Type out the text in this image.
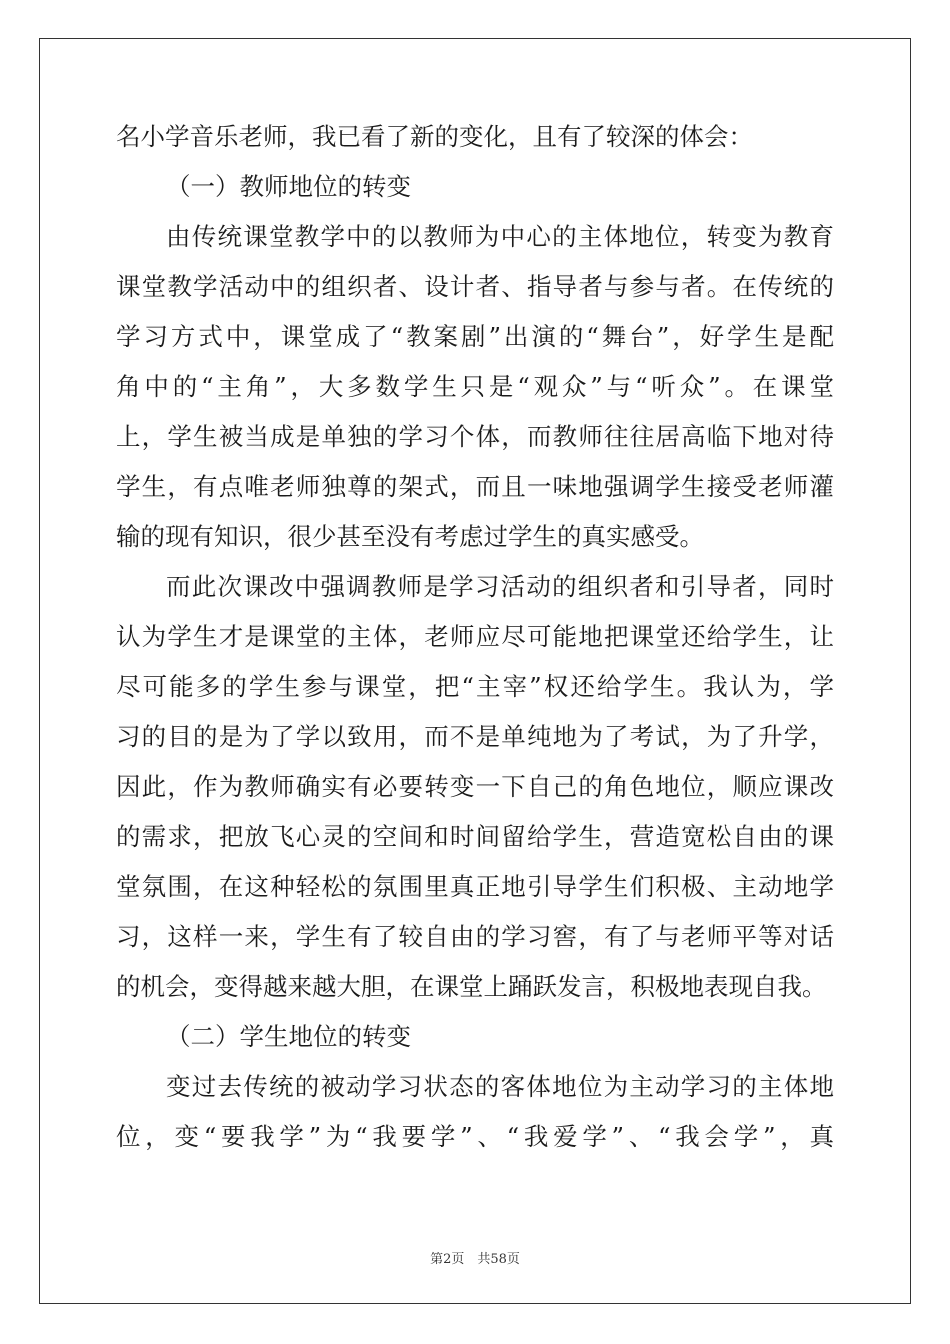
名小学音乐老师，我已看了新的变化，且有了较深的体会：
（一）教师地位的转变
由传统课堂教学中的以教师为中心的主体地位，转变为教育
课堂教学活动中的组织者、设计者、指导者与参与者。在传统的
学习方式中，课堂成了“教案剧”出演的“舞台”，好学生是配
角中的“主角”，大多数学生只是“观众”与“听众”。在课堂
上，学生被当成是单独的学习个体，而教师往往居高临下地对待
学生，有点唯老师独尊的架式，而且一味地强调学生接受老师灌
输的现有知识，很少甚至没有考虑过学生的真实感受。
而此次课改中强调教师是学习活动的组织者和引导者，同时
认为学生才是课堂的主体，老师应尽可能地把课堂还给学生，让
尽可能多的学生参与课堂，把“主宰”权还给学生。我认为，学
习的目的是为了学以致用，而不是单纯地为了考试，为了升学，
因此，作为教师确实有必要转变一下自己的角色地位，顺应课改
的需求，把放飞心灵的空间和时间留给学生，营造宽松自由的课
堂氛围，在这种轻松的氛围里真正地引导学生们积极、主动地学
习，这样一来，学生有了较自由的学习窖，有了与老师平等对话
的机会，变得越来越大胆，在课堂上踊跃发言，积极地表现自我。
（二）学生地位的转变
变过去传统的被动学习状态的客体地位为主动学习的主体地
位，变“要我学”为“我要学”、“我爱学”、“我会学”，真
第2页　共58页
